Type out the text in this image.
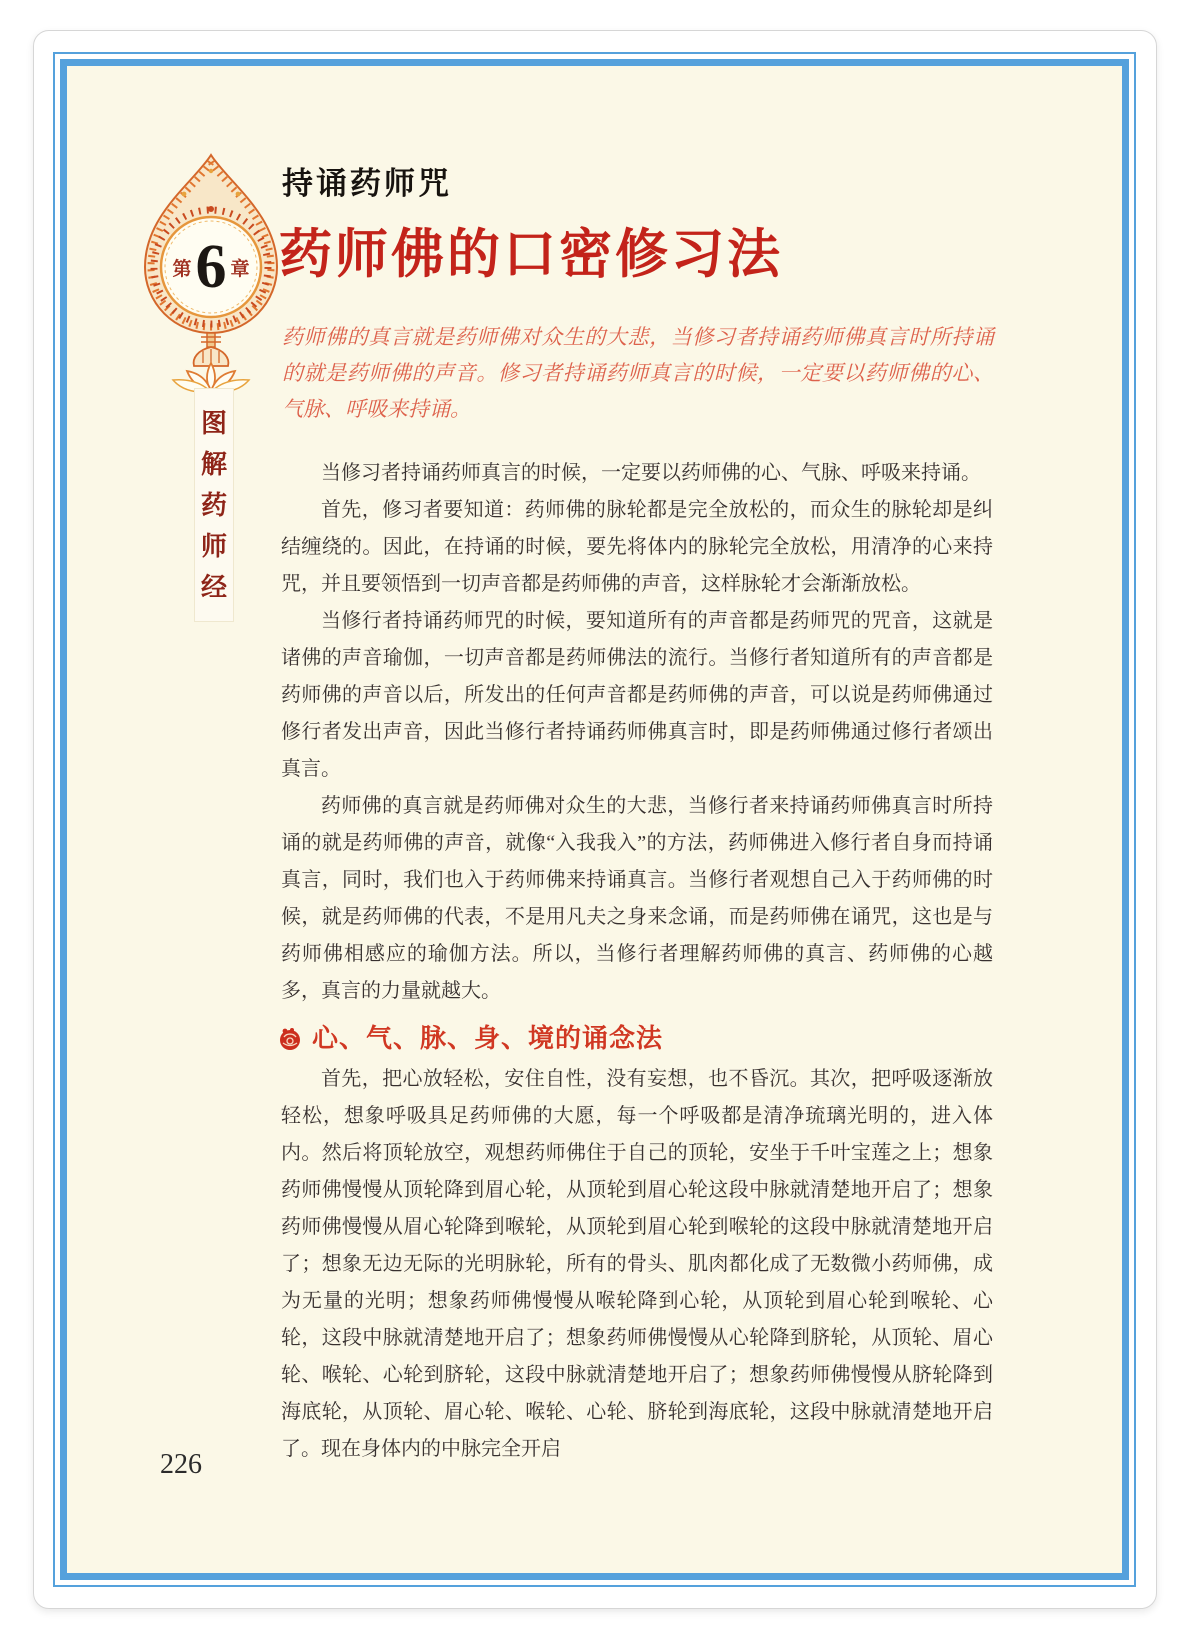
第 6 章
图
解
药
师
经
持诵药师咒
药师佛的口密修习法
药师佛的真言就是药师佛对众生的大悲，当修习者持诵药师佛真言时所持诵的就是药师佛的声音。修习者持诵药师真言的时候，一定要以药师佛的心、气脉、呼吸来持诵。

当修习者持诵药师真言的时候，一定要以药师佛的心、气脉、呼吸来持诵。

首先，修习者要知道：药师佛的脉轮都是完全放松的，而众生的脉轮却是纠结缠绕的。因此，在持诵的时候，要先将体内的脉轮完全放松，用清净的心来持咒，并且要领悟到一切声音都是药师佛的声音，这样脉轮才会渐渐放松。

当修行者持诵药师咒的时候，要知道所有的声音都是药师咒的咒音，这就是诸佛的声音瑜伽，一切声音都是药师佛法的流行。当修行者知道所有的声音都是药师佛的声音以后，所发出的任何声音都是药师佛的声音，可以说是药师佛通过修行者发出声音，因此当修行者持诵药师佛真言时，即是药师佛通过修行者颂出真言。

药师佛的真言就是药师佛对众生的大悲，当修行者来持诵药师佛真言时所持诵的就是药师佛的声音，就像“入我我入”的方法，药师佛进入修行者自身而持诵真言，同时，我们也入于药师佛来持诵真言。当修行者观想自己入于药师佛的时候，就是药师佛的代表，不是用凡夫之身来念诵，而是药师佛在诵咒，这也是与药师佛相感应的瑜伽方法。所以，当修行者理解药师佛的真言、药师佛的心越多，真言的力量就越大。

心、气、脉、身、境的诵念法

首先，把心放轻松，安住自性，没有妄想，也不昏沉。其次，把呼吸逐渐放轻松，想象呼吸具足药师佛的大愿，每一个呼吸都是清净琉璃光明的，进入体内。然后将顶轮放空，观想药师佛住于自己的顶轮，安坐于千叶宝莲之上；想象药师佛慢慢从顶轮降到眉心轮，从顶轮到眉心轮这段中脉就清楚地开启了；想象药师佛慢慢从眉心轮降到喉轮，从顶轮到眉心轮到喉轮的这段中脉就清楚地开启了；想象无边无际的光明脉轮，所有的骨头、肌肉都化成了无数微小药师佛，成为无量的光明；想象药师佛慢慢从喉轮降到心轮，从顶轮到眉心轮到喉轮、心轮，这段中脉就清楚地开启了；想象药师佛慢慢从心轮降到脐轮，从顶轮、眉心轮、喉轮、心轮到脐轮，这段中脉就清楚地开启了；想象药师佛慢慢从脐轮降到海底轮，从顶轮、眉心轮、喉轮、心轮、脐轮到海底轮，这段中脉就清楚地开启了。现在身体内的中脉完全开启

226
